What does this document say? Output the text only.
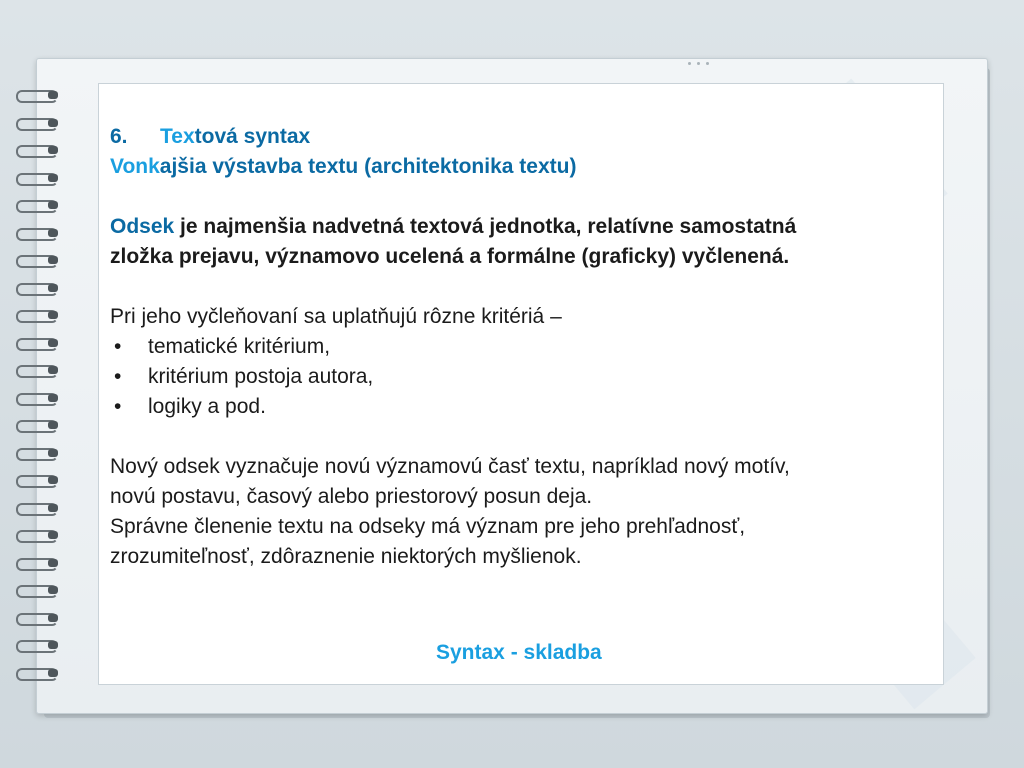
6. Textová syntax
Vonkajšia výstavba textu (architektonika textu)
Odsek je najmenšia nadvetná textová jednotka, relatívne samostatná
zložka prejavu, významovo ucelená a formálne (graficky) vyčlenená.
Pri jeho vyčleňovaní sa uplatňujú rôzne kritériá –
• tematické kritérium,
• kritérium postoja autora,
• logiky a pod.
Nový odsek vyznačuje novú významovú časť textu, napríklad nový motív,
novú postavu, časový alebo priestorový posun deja.
Správne členenie textu na odseky má význam pre jeho prehľadnosť,
zrozumiteľnosť, zdôraznenie niektorých myšlienok.
Syntax - skladba
